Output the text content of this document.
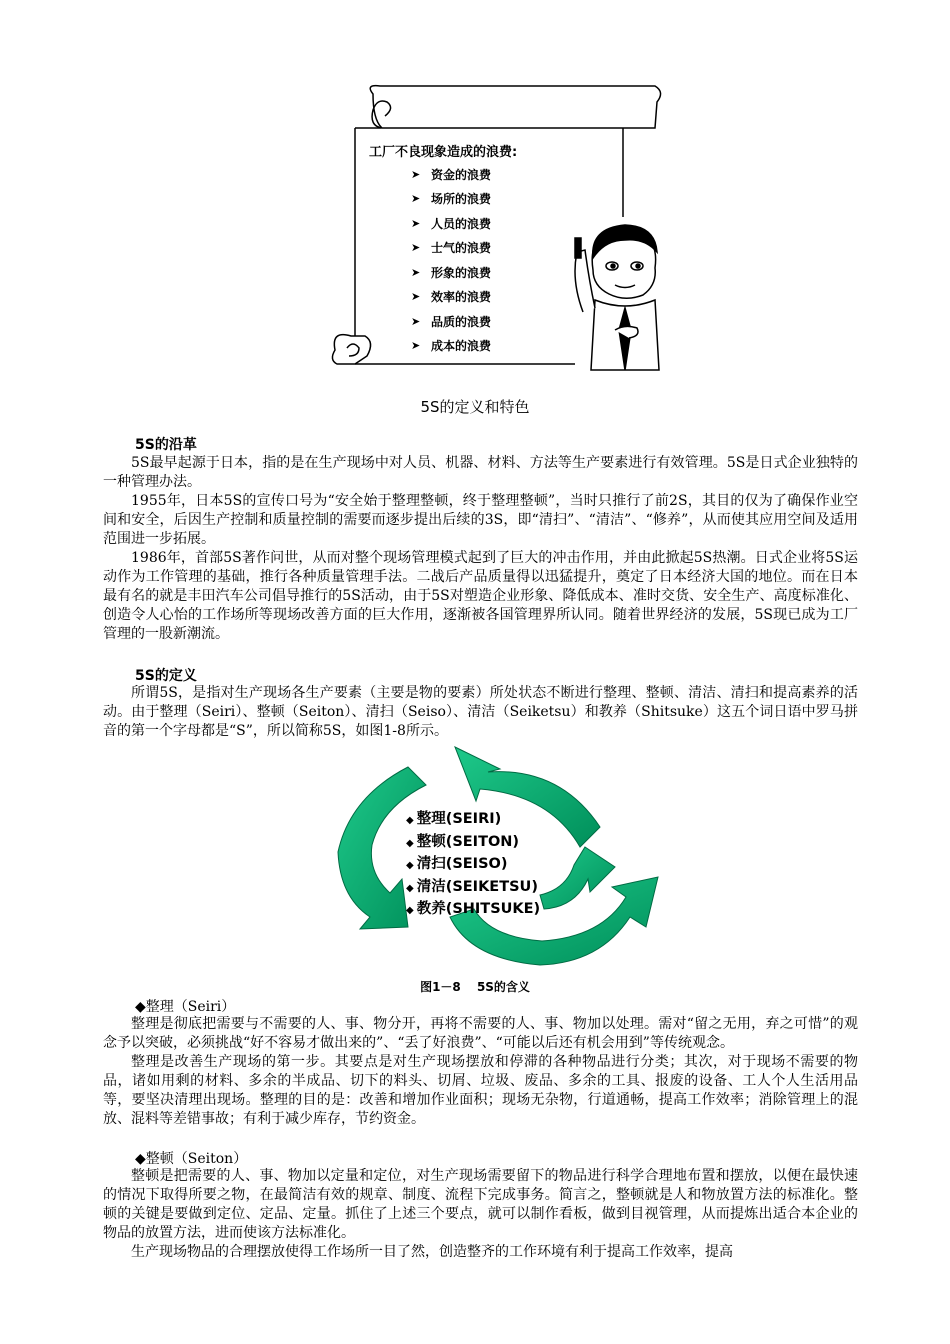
工厂不良现象造成的浪费:
➤ 资金的浪费
➤ 场所的浪费
➤ 人员的浪费
➤ 士气的浪费
➤ 形象的浪费
➤ 效率的浪费
➤ 品质的浪费
➤ 成本的浪费
5S的定义和特色
5S的沿革

5S最早起源于日本，指的是在生产现场中对人员、机器、材料、方法等生产要素进行有效管理。5S是日式企业独特的一种管理办法。

1955年，日本5S的宣传口号为“安全始于整理整顿，终于整理整顿”，当时只推行了前2S，其目的仅为了确保作业空间和安全，后因生产控制和质量控制的需要而逐步提出后续的3S，即“清扫”、“清洁”、“修养”，从而使其应用空间及适用范围进一步拓展。

1986年，首部5S著作问世，从而对整个现场管理模式起到了巨大的冲击作用，并由此掀起5S热潮。日式企业将5S运动作为工作管理的基础，推行各种质量管理手法。二战后产品质量得以迅猛提升，奠定了日本经济大国的地位。而在日本最有名的就是丰田汽车公司倡导推行的5S活动，由于5S对塑造企业形象、降低成本、准时交货、安全生产、高度标准化、创造令人心怡的工作场所等现场改善方面的巨大作用，逐渐被各国管理界所认同。随着世界经济的发展，5S现已成为工厂管理的一股新潮流。

5S的定义

所谓5S，是指对生产现场各生产要素（主要是物的要素）所处状态不断进行整理、整顿、清洁、清扫和提高素养的活动。由于整理（Seiri）、整顿（Seiton）、清扫（Seiso）、清洁（Seiketsu）和教养（Shitsuke）这五个词日语中罗马拼音的第一个字母都是“S”，所以简称5S，如图1-8所示。

◆ 整理(SEIRI)
◆ 整顿(SEITON)
◆ 清扫(SEISO)
◆ 清洁(SEIKETSU)
◆ 教养(SHITSUKE)
图1－8　 5S的含义
◆整理（Seiri）

整理是彻底把需要与不需要的人、事、物分开，再将不需要的人、事、物加以处理。需对“留之无用，弃之可惜”的观念予以突破，必须挑战“好不容易才做出来的”、“丢了好浪费”、“可能以后还有机会用到”等传统观念。

整理是改善生产现场的第一步。其要点是对生产现场摆放和停滞的各种物品进行分类；其次，对于现场不需要的物品，诸如用剩的材料、多余的半成品、切下的料头、切屑、垃圾、废品、多余的工具、报废的设备、工人个人生活用品等，要坚决清理出现场。整理的目的是：改善和增加作业面积；现场无杂物，行道通畅，提高工作效率；消除管理上的混放、混料等差错事故；有利于减少库存，节约资金。

◆整顿（Seiton）

整顿是把需要的人、事、物加以定量和定位，对生产现场需要留下的物品进行科学合理地布置和摆放，以便在最快速的情况下取得所要之物，在最简洁有效的规章、制度、流程下完成事务。简言之，整顿就是人和物放置方法的标准化。整顿的关键是要做到定位、定品、定量。抓住了上述三个要点，就可以制作看板，做到目视管理，从而提炼出适合本企业的物品的放置方法，进而使该方法标准化。

生产现场物品的合理摆放使得工作场所一目了然，创造整齐的工作环境有利于提高工作效率，提高
